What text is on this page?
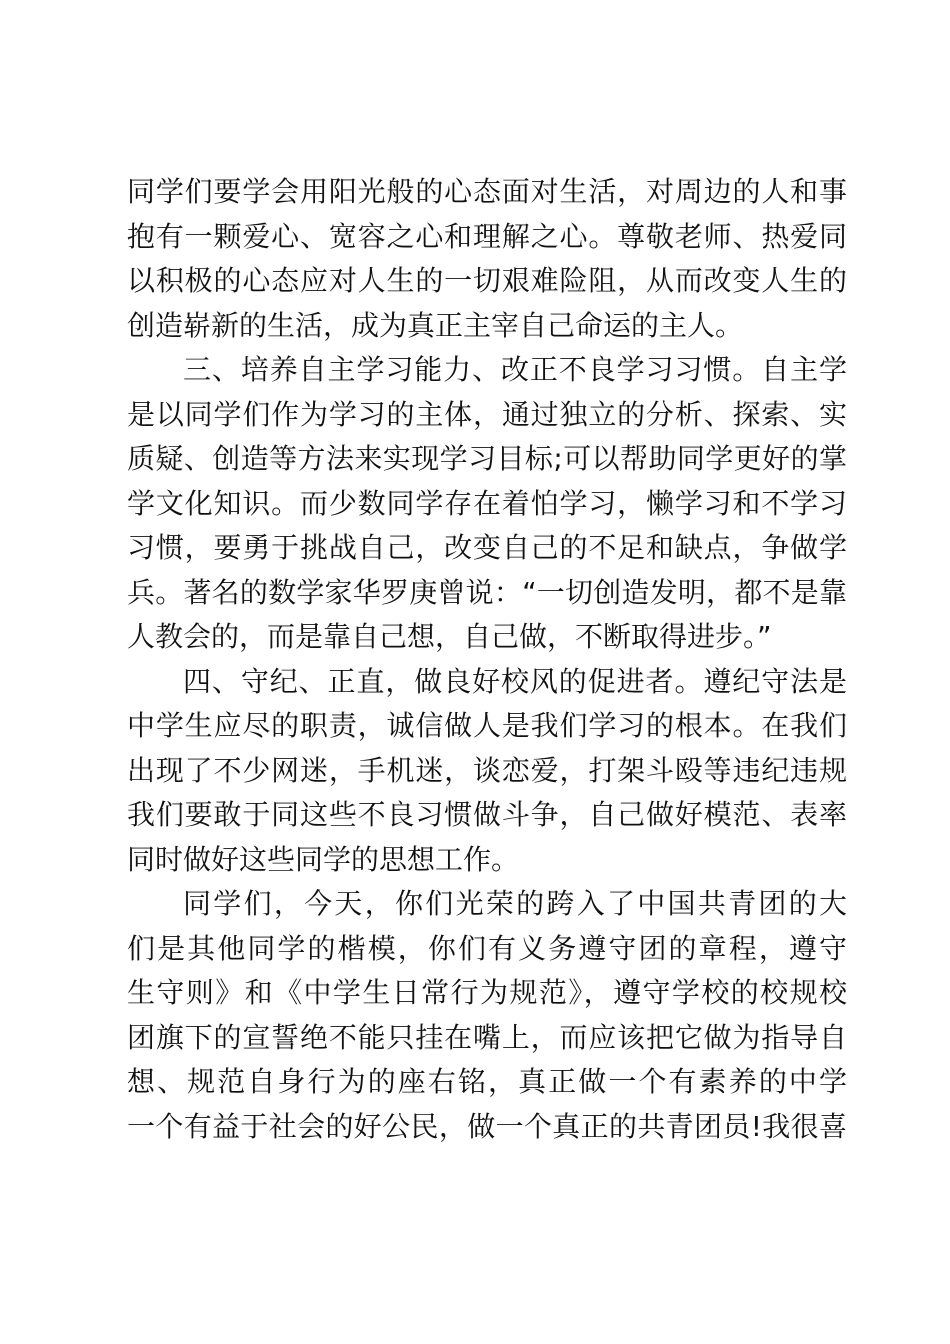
同学们要学会用阳光般的心态面对生活，对周边的人和事
抱有一颗爱心、宽容之心和理解之心。尊敬老师、热爱同
以积极的心态应对人生的一切艰难险阻，从而改变人生的
创造崭新的生活，成为真正主宰自己命运的主人。
三、培养自主学习能力、改正不良学习习惯。自主学
是以同学们作为学习的主体，通过独立的分析、探索、实
质疑、创造等方法来实现学习目标;可以帮助同学更好的掌
学文化知识。而少数同学存在着怕学习，懒学习和不学习
习惯，要勇于挑战自己，改变自己的不足和缺点，争做学
兵。著名的数学家华罗庚曾说：“一切创造发明，都不是靠
人教会的，而是靠自己想，自己做，不断取得进步。”
四、守纪、正直，做良好校风的促进者。遵纪守法是
中学生应尽的职责，诚信做人是我们学习的根本。在我们
出现了不少网迷，手机迷，谈恋爱，打架斗殴等违纪违规
我们要敢于同这些不良习惯做斗争，自己做好模范、表率
同时做好这些同学的思想工作。
同学们，今天，你们光荣的跨入了中国共青团的大
们是其他同学的楷模，你们有义务遵守团的章程，遵守
生守则》和《中学生日常行为规范》，遵守学校的校规校
团旗下的宣誓绝不能只挂在嘴上，而应该把它做为指导自
想、规范自身行为的座右铭，真正做一个有素养的中学
一个有益于社会的好公民，做一个真正的共青团员!我很喜
